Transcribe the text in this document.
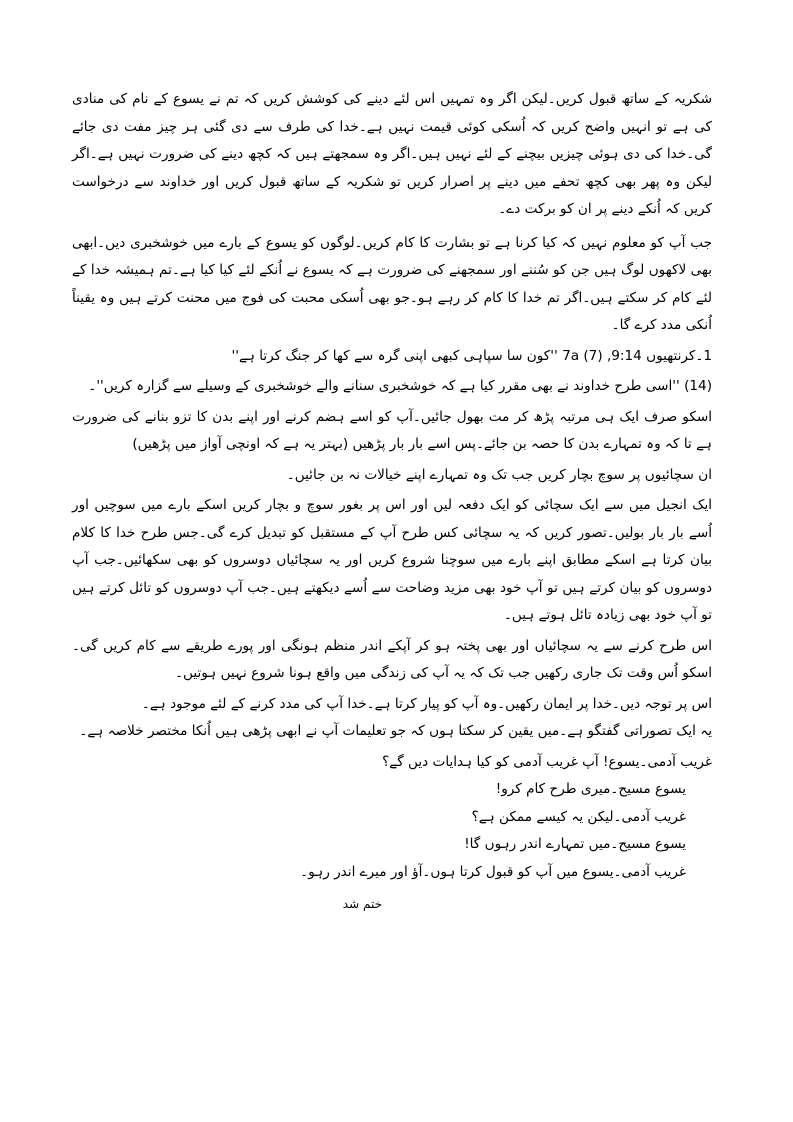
شکریہ کے ساتھ قبول کریں۔لیکن اگر وہ تمہیں اس لئے دینے کی کوشش کریں کہ تم نے یسوع کے نام کی منادی کی ہے تو انہیں واضح کریں کہ اُسکی کوئی قیمت نہیں ہے۔خدا کی طرف سے دی گئی ہر چیز مفت دی جائے گی۔خدا کی دی ہوئی چیزیں بیچنے کے لئے نہیں ہیں۔اگر وہ سمجھتے ہیں کہ کچھ دینے کی ضرورت نہیں ہے۔اگر لیکن وہ پھر بھی کچھ تحفے میں دینے پر اصرار کریں تو شکریہ کے ساتھ قبول کریں اور خداوند سے درخواست کریں کہ اُنکے دینے پر ان کو برکت دے۔

جب آپ کو معلوم نہیں کہ کیا کرنا ہے تو بشارت کا کام کریں۔لوگوں کو یسوع کے بارے میں خوشخبری دیں۔ابھی بھی لاکھوں لوگ ہیں جن کو سُننے اور سمجھنے کی ضرورت ہے کہ یسوع نے اُنکے لئے کیا کیا ہے۔تم ہمیشہ خدا کے لئے کام کر سکتے ہیں۔اگر تم خدا کا کام کر رہے ہو۔جو بھی اُسکی محبت کی فوج میں محنت کرتے ہیں وہ یقیناً اُنکی مدد کرے گا۔

1۔کرنتھیوں 9:14, 7a (7) ''کون سا سپاہی کبھی اپنی گرہ سے کھا کر جنگ کرتا ہے''

(14) ''اسی طرح خداوند نے بھی مقرر کیا ہے کہ خوشخبری سنانے والے خوشخبری کے وسیلے سے گزارہ کریں''۔

اسکو صرف ایک ہی مرتبہ پڑھ کر مت بھول جائیں۔آپ کو اسے ہضم کرنے اور اپنے بدن کا تزو بنانے کی ضرورت ہے تا کہ وہ تمہارے بدن کا حصہ بن جائے۔پس اسے بار بار پڑھیں (بہتر یہ ہے کہ اونچی آواز میں پڑھیں)

ان سچائیوں پر سوچ بچار کریں جب تک وہ تمہارے اپنے خیالات نہ بن جائیں۔

ایک انجیل میں سے ایک سچائی کو ایک دفعہ لیں اور اس پر بغور سوچ و بچار کریں اسکے بارے میں سوچیں اور اُسے بار بار بولیں۔تصور کریں کہ یہ سچائی کس طرح آپ کے مستقبل کو تبدیل کرے گی۔جس طرح خدا کا کلام بیان کرتا ہے اسکے مطابق اپنے بارے میں سوچنا شروع کریں اور یہ سچائیاں دوسروں کو بھی سکھائیں۔جب آپ دوسروں کو بیان کرتے ہیں تو آپ خود بھی مزید وضاحت سے اُسے دیکھتے ہیں۔جب آپ دوسروں کو تائل کرتے ہیں تو آپ خود بھی زیادہ تائل ہوتے ہیں۔

اس طرح کرنے سے یہ سچائیاں اور بھی پختہ ہو کر آپکے اندر منظم ہونگی اور پورے طریقے سے کام کریں گی۔اسکو اُس وقت تک جاری رکھیں جب تک کہ یہ آپ کی زندگی میں واقع ہونا شروع نہیں ہوتیں۔

اس پر توجہ دیں۔خدا پر ایمان رکھیں۔وہ آپ کو پیار کرتا ہے۔خدا آپ کی مدد کرنے کے لئے موجود ہے۔

یہ ایک تصوراتی گفتگو ہے۔میں یقین کر سکتا ہوں کہ جو تعلیمات آپ نے ابھی پڑھی ہیں اُنکا مختصر خلاصہ ہے۔

غریب آدمی۔یسوع! آپ غریب آدمی کو کیا ہدایات دیں گے؟

یسوع مسیح۔میری طرح کام کرو!

غریب آدمی۔لیکن یہ کیسے ممکن ہے؟

یسوع مسیح۔میں تمہارے اندر رہوں گا!

غریب آدمی۔یسوع میں آپ کو قبول کرتا ہوں۔آؤ اور میرے اندر رہو۔

ختم شد
